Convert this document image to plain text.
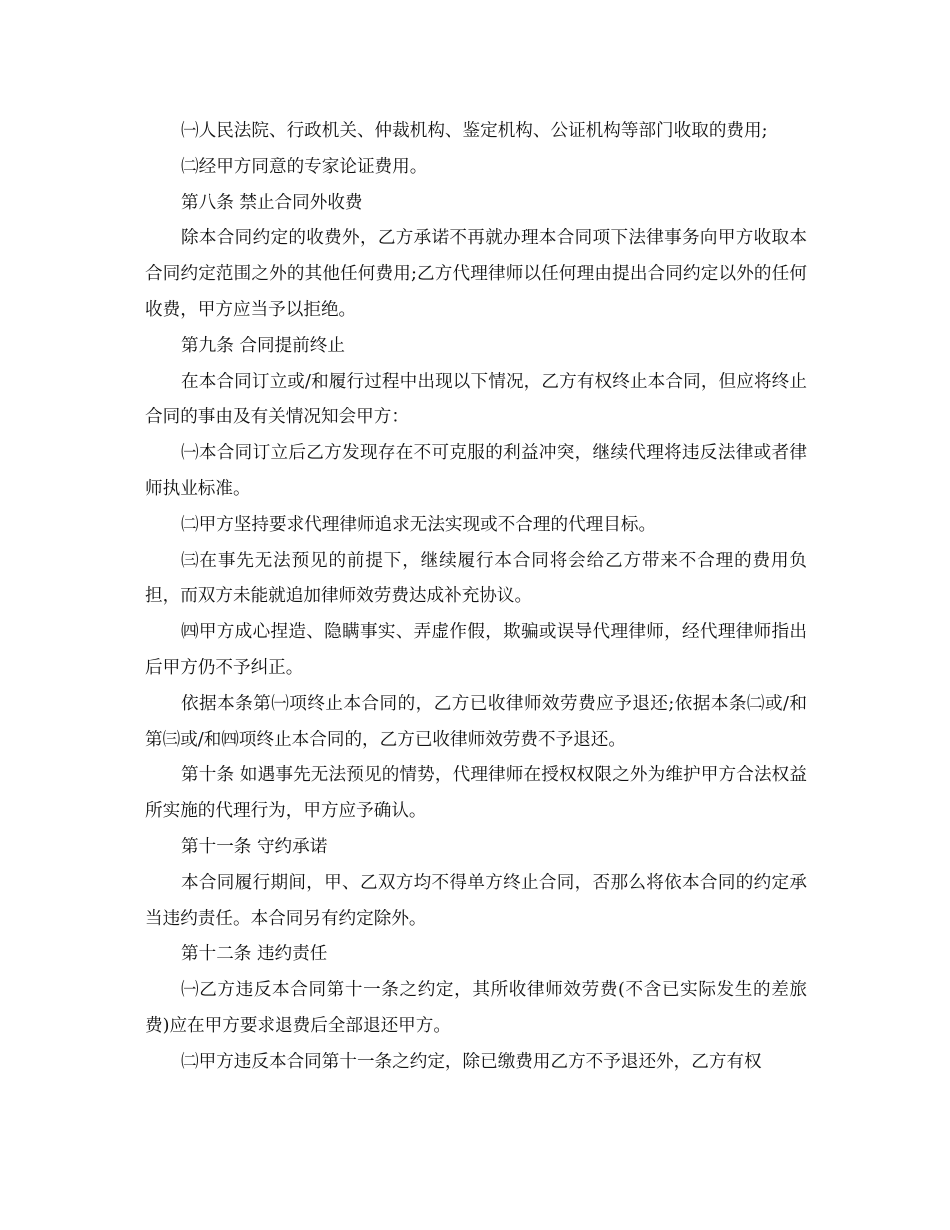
㈠人民法院、行政机关、仲裁机构、鉴定机构、公证机构等部门收取的费用;

㈡经甲方同意的专家论证费用。

第八条 禁止合同外收费

除本合同约定的收费外，乙方承诺不再就办理本合同项下法律事务向甲方收取本合同约定范围之外的其他任何费用;乙方代理律师以任何理由提出合同约定以外的任何收费，甲方应当予以拒绝。

第九条 合同提前终止

在本合同订立或/和履行过程中出现以下情况，乙方有权终止本合同，但应将终止合同的事由及有关情况知会甲方：

㈠本合同订立后乙方发现存在不可克服的利益冲突，继续代理将违反法律或者律师执业标准。

㈡甲方坚持要求代理律师追求无法实现或不合理的代理目标。

㈢在事先无法预见的前提下，继续履行本合同将会给乙方带来不合理的费用负担，而双方未能就追加律师效劳费达成补充协议。

㈣甲方成心捏造、隐瞒事实、弄虚作假，欺骗或误导代理律师，经代理律师指出后甲方仍不予纠正。

依据本条第㈠项终止本合同的，乙方已收律师效劳费应予退还;依据本条㈡或/和第㈢或/和㈣项终止本合同的，乙方已收律师效劳费不予退还。

第十条 如遇事先无法预见的情势，代理律师在授权权限之外为维护甲方合法权益所实施的代理行为，甲方应予确认。

第十一条 守约承诺

本合同履行期间，甲、乙双方均不得单方终止合同，否那么将依本合同的约定承当违约责任。本合同另有约定除外。

第十二条 违约责任

㈠乙方违反本合同第十一条之约定，其所收律师效劳费(不含已实际发生的差旅费)应在甲方要求退费后全部退还甲方。

㈡甲方违反本合同第十一条之约定，除已缴费用乙方不予退还外，乙方有权
